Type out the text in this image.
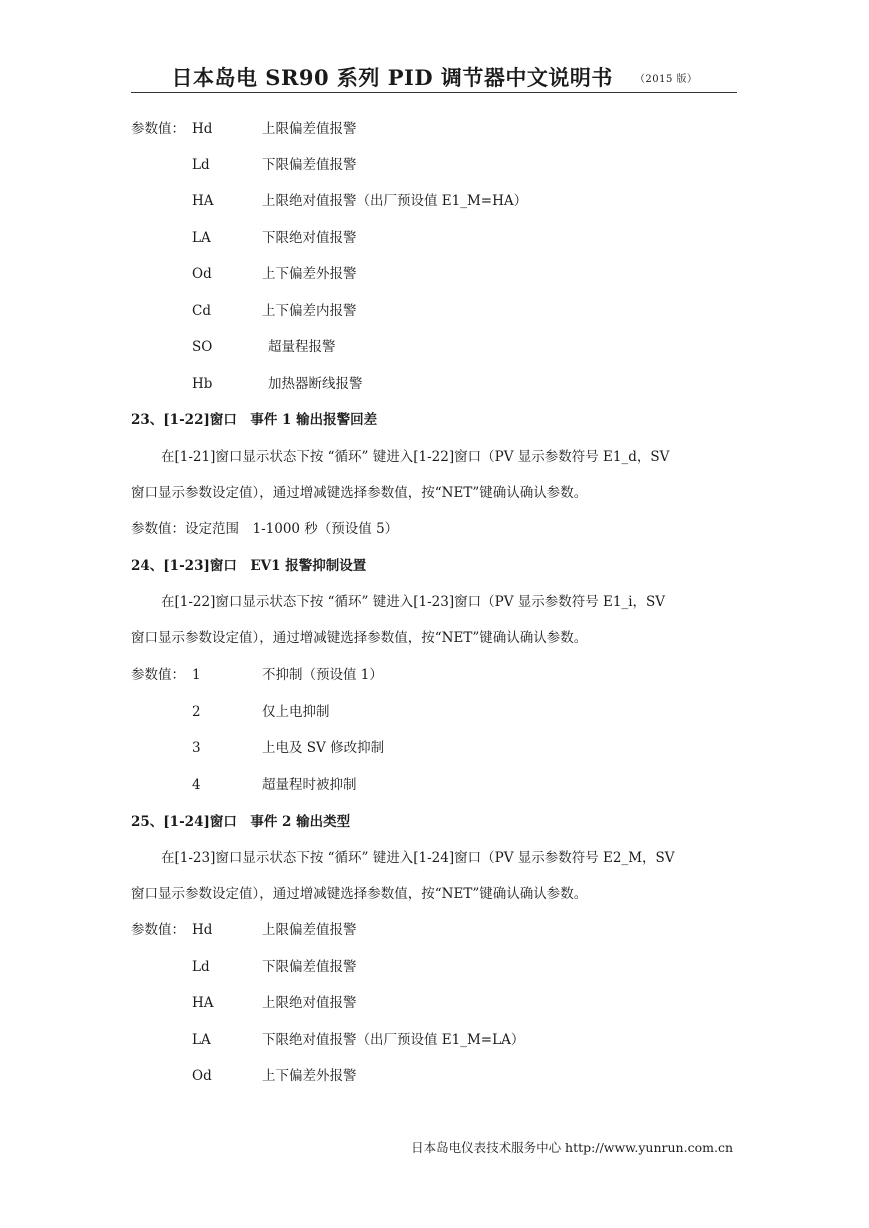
日本岛电 SR90 系列 PID 调节器中文说明书 （2015 版）
参数值： Hd	上限偏差值报警
Ld	下限偏差值报警
HA	上限绝对值报警（出厂预设值 E1_M=HA）
LA	下限绝对值报警
Od	上下偏差外报警
Cd	上下偏差内报警
SO	超量程报警
Hb	加热器断线报警
23、[1-22]窗口　事件 1 输出报警回差
在[1-21]窗口显示状态下按 “循环” 键进入[1-22]窗口（PV 显示参数符号 E1_d，SV
窗口显示参数设定值），通过增减键选择参数值，按“NET”键确认确认参数。
参数值：设定范围　1-1000 秒（预设值 5）
24、[1-23]窗口　EV1 报警抑制设置
在[1-22]窗口显示状态下按 “循环” 键进入[1-23]窗口（PV 显示参数符号 E1_i，SV
窗口显示参数设定值），通过增减键选择参数值，按“NET”键确认确认参数。
参数值： 1	不抑制（预设值 1）
2	仅上电抑制
3	上电及 SV 修改抑制
4	超量程时被抑制
25、[1-24]窗口　事件 2 输出类型
在[1-23]窗口显示状态下按 “循环” 键进入[1-24]窗口（PV 显示参数符号 E2_M，SV
窗口显示参数设定值），通过增减键选择参数值，按“NET”键确认确认参数。
参数值： Hd	上限偏差值报警
Ld	下限偏差值报警
HA	上限绝对值报警
LA	下限绝对值报警（出厂预设值 E1_M=LA）
Od	上下偏差外报警
日本岛电仪表技术服务中心 http://www.yunrun.com.cn
